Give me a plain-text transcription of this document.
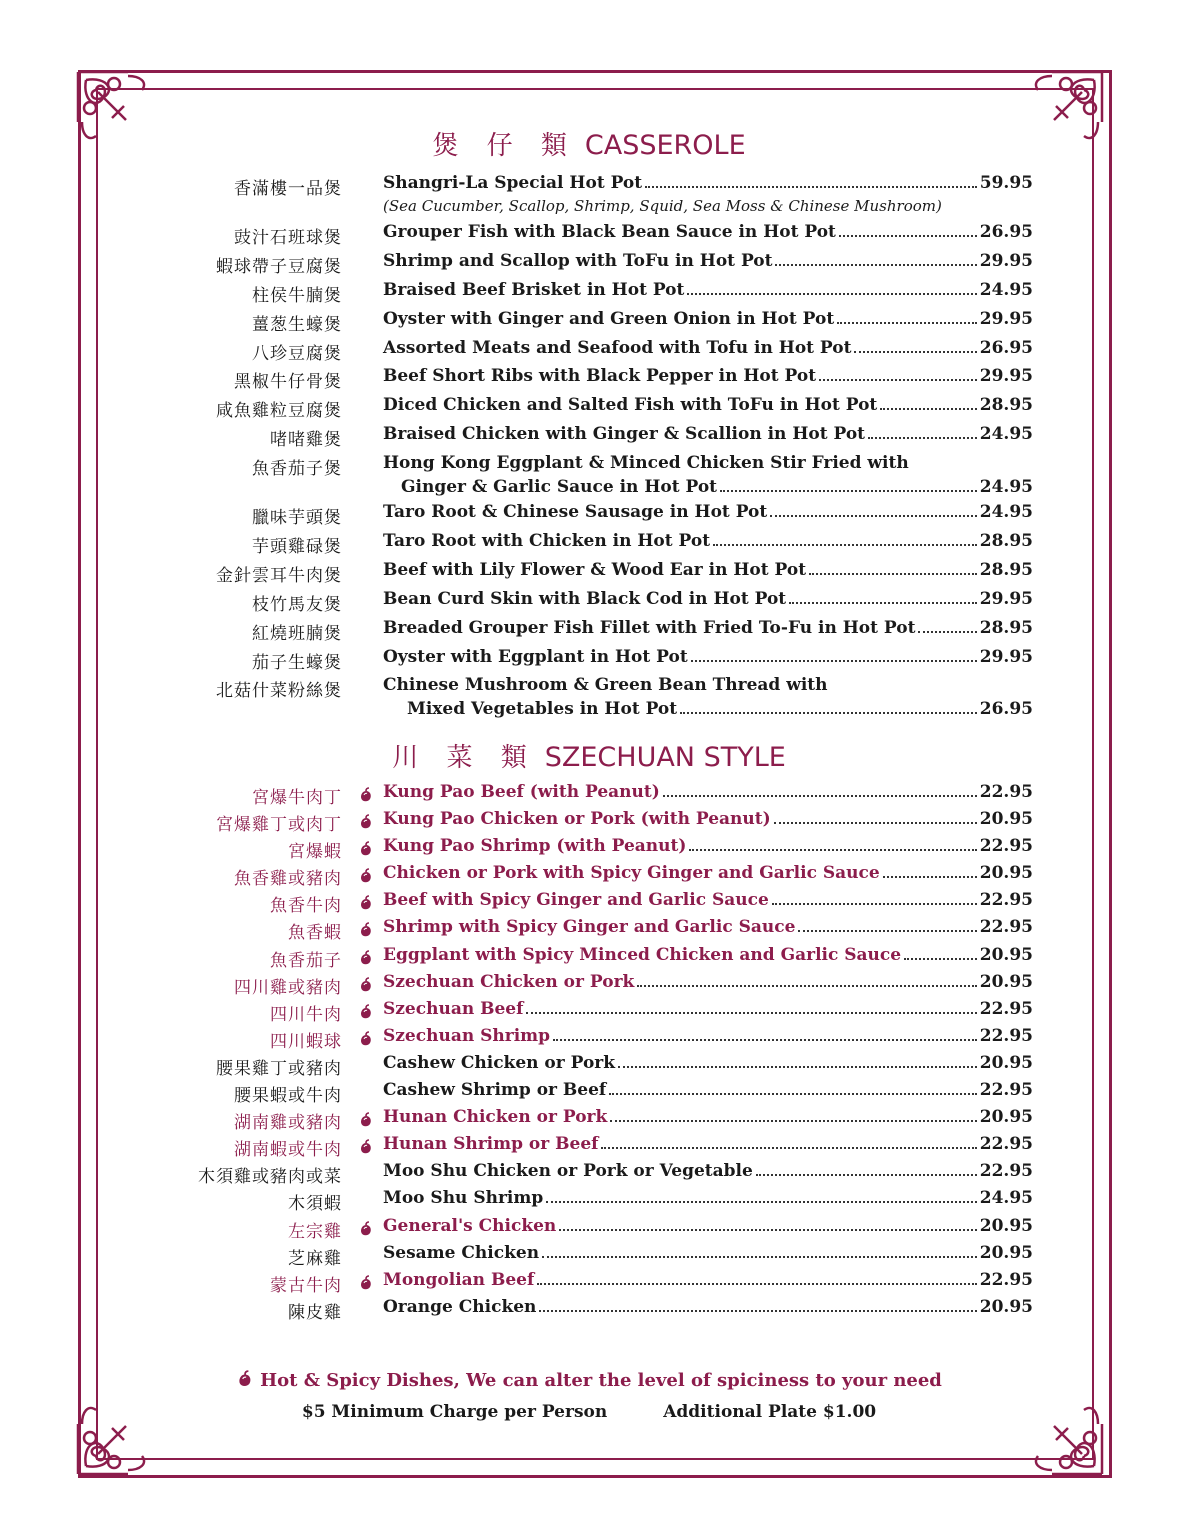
煲 仔 類 CASSEROLE
香滿樓一品煲 Shangri-La Special Hot Pot	59.95
(Sea Cucumber, Scallop, Shrimp, Squid, Sea Moss & Chinese Mushroom)
豉汁石班球煲 Grouper Fish with Black Bean Sauce in Hot Pot	26.95
蝦球帶子豆腐煲 Shrimp and Scallop with ToFu in Hot Pot	29.95
柱侯牛腩煲 Braised Beef Brisket in Hot Pot	24.95
薑葱生蠔煲 Oyster with Ginger and Green Onion in Hot Pot	29.95
八珍豆腐煲 Assorted Meats and Seafood with Tofu in Hot Pot	26.95
黑椒牛仔骨煲 Beef Short Ribs with Black Pepper in Hot Pot	29.95
咸魚雞粒豆腐煲 Diced Chicken and Salted Fish with ToFu in Hot Pot	28.95
啫啫雞煲 Braised Chicken with Ginger & Scallion in Hot Pot	24.95
魚香茄子煲 Hong Kong Eggplant & Minced Chicken Stir Fried with
Ginger & Garlic Sauce in Hot Pot	24.95
臘味芋頭煲 Taro Root & Chinese Sausage in Hot Pot	24.95
芋頭雞碌煲 Taro Root with Chicken in Hot Pot	28.95
金針雲耳牛肉煲 Beef with Lily Flower & Wood Ear in Hot Pot	28.95
枝竹馬友煲 Bean Curd Skin with Black Cod in Hot Pot	29.95
紅燒班腩煲 Breaded Grouper Fish Fillet with Fried To-Fu in Hot Pot	28.95
茄子生蠔煲 Oyster with Eggplant in Hot Pot	29.95
北菇什菜粉絲煲 Chinese Mushroom & Green Bean Thread with
Mixed Vegetables in Hot Pot	26.95
川 菜 類 SZECHUAN STYLE
宮爆牛肉丁 Kung Pao Beef (with Peanut)	22.95
宮爆雞丁或肉丁 Kung Pao Chicken or Pork (with Peanut)	20.95
宮爆蝦 Kung Pao Shrimp (with Peanut)	22.95
魚香雞或豬肉 Chicken or Pork with Spicy Ginger and Garlic Sauce	20.95
魚香牛肉 Beef with Spicy Ginger and Garlic Sauce	22.95
魚香蝦 Shrimp with Spicy Ginger and Garlic Sauce	22.95
魚香茄子 Eggplant with Spicy Minced Chicken and Garlic Sauce	20.95
四川雞或豬肉 Szechuan Chicken or Pork	20.95
四川牛肉 Szechuan Beef	22.95
四川蝦球 Szechuan Shrimp	22.95
腰果雞丁或豬肉 Cashew Chicken or Pork	20.95
腰果蝦或牛肉 Cashew Shrimp or Beef	22.95
湖南雞或豬肉 Hunan Chicken or Pork	20.95
湖南蝦或牛肉 Hunan Shrimp or Beef	22.95
木須雞或豬肉或菜 Moo Shu Chicken or Pork or Vegetable	22.95
木須蝦 Moo Shu Shrimp	24.95
左宗雞 General's Chicken	20.95
芝麻雞 Sesame Chicken	20.95
蒙古牛肉 Mongolian Beef	22.95
陳皮雞 Orange Chicken	20.95
Hot & Spicy Dishes, We can alter the level of spiciness to your need
$5 Minimum Charge per Person	Additional Plate $1.00
